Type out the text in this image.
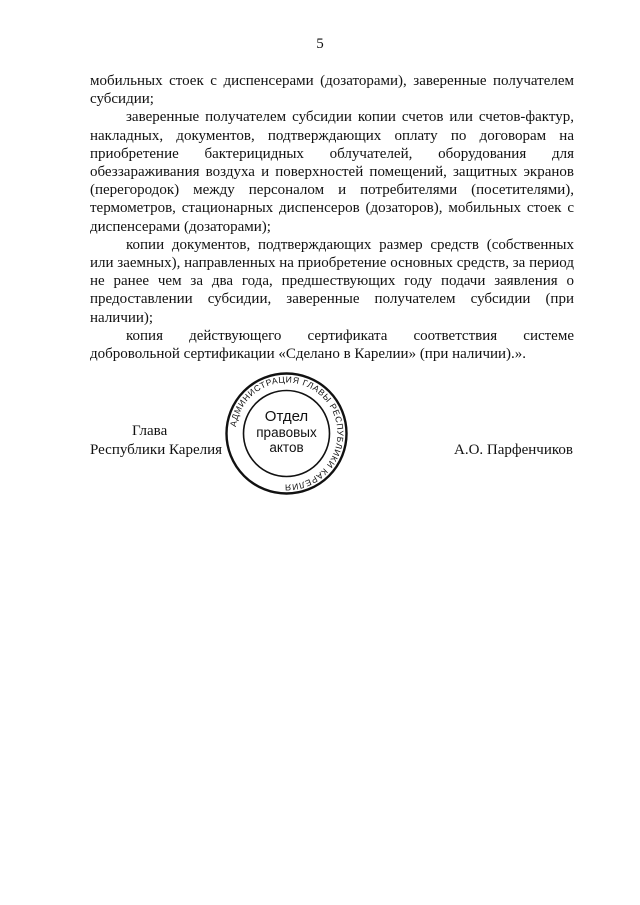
5

мобильных стоек с диспенсерами (дозаторами), заверенные получателем субсидии;

заверенные получателем субсидии копии счетов или счетов-фактур, накладных, документов, подтверждающих оплату по договорам на приобретение бактерицидных облучателей, оборудования для обеззараживания воздуха и поверхностей помещений, защитных экранов (перегородок) между персоналом и потребителями (посетителями), термометров, стационарных диспенсеров (дозаторов), мобильных стоек с диспенсерами (дозаторами);

копии документов, подтверждающих размер средств (собственных или заемных), направленных на приобретение основных средств, за период не ранее чем за два года, предшествующих году подачи заявления о предоставлении субсидии, заверенные получателем субсидии (при наличии);

копия действующего сертификата соответствия системе добровольной сертификации «Сделано в Карелии» (при наличии).».

Глава
Республики Карелия	А.О. Парфенчиков
АДМИНИСТРАЦИЯ ГЛАВЫ РЕСПУБЛИКИ КАРЕЛИЯ
Отдел
правовых
актов
